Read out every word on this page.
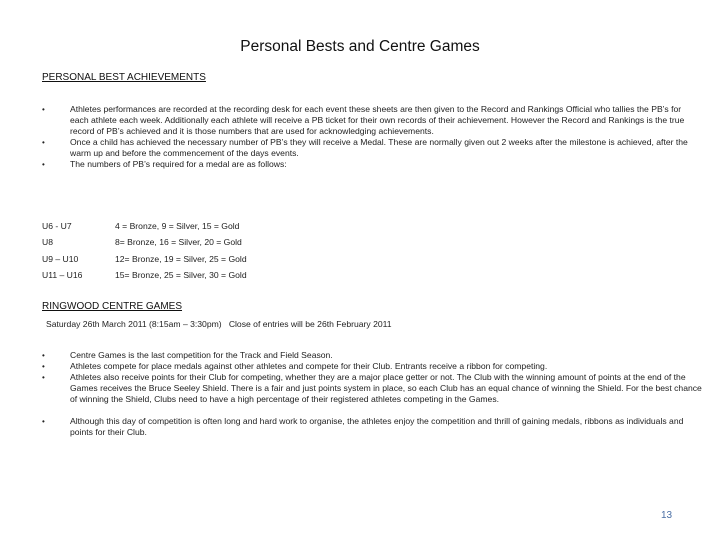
Personal Bests and Centre Games
PERSONAL BEST ACHIEVEMENTS
•	Athletes performances are recorded at the recording desk for each event these sheets are then given to the Record and Rankings Official who tallies the PB’s for each athlete each week. Additionally each athlete will receive a PB ticket for their own records of their achievement. However the Record and Rankings is the true record of PB’s achieved and it is those numbers that are used for acknowledging achievements.
•	Once a child has achieved the necessary number of PB’s they will receive a Medal. These are normally given out 2 weeks after the milestone is achieved, after the warm up and before the commencement of the days events.
•	The numbers of PB’s required for a medal are as follows:
U6 - U7	4 = Bronze, 9 = Silver, 15 = Gold
U8	8= Bronze, 16 = Silver, 20 = Gold
U9 – U10	12= Bronze, 19 = Silver, 25 = Gold
U11 – U16	15= Bronze, 25 = Silver, 30 = Gold
RINGWOOD CENTRE GAMES
Saturday 26th March 2011 (8:15am – 3:30pm) Close of entries will be 26th February 2011
•	Centre Games is the last competition for the Track and Field Season.
•	Athletes compete for place medals against other athletes and compete for their Club. Entrants receive a ribbon for competing.
•	Athletes also receive points for their Club for competing, whether they are a major place getter or not. The Club with the winning amount of points at the end of the Games receives the Bruce Seeley Shield. There is a fair and just points system in place, so each Club has an equal chance of winning the Shield. For the best chance of winning the Shield, Clubs need to have a high percentage of their registered athletes competing in the Games.
•	Although this day of competition is often long and hard work to organise, the athletes enjoy the competition and thrill of gaining medals, ribbons as individuals and points for their Club.
13
